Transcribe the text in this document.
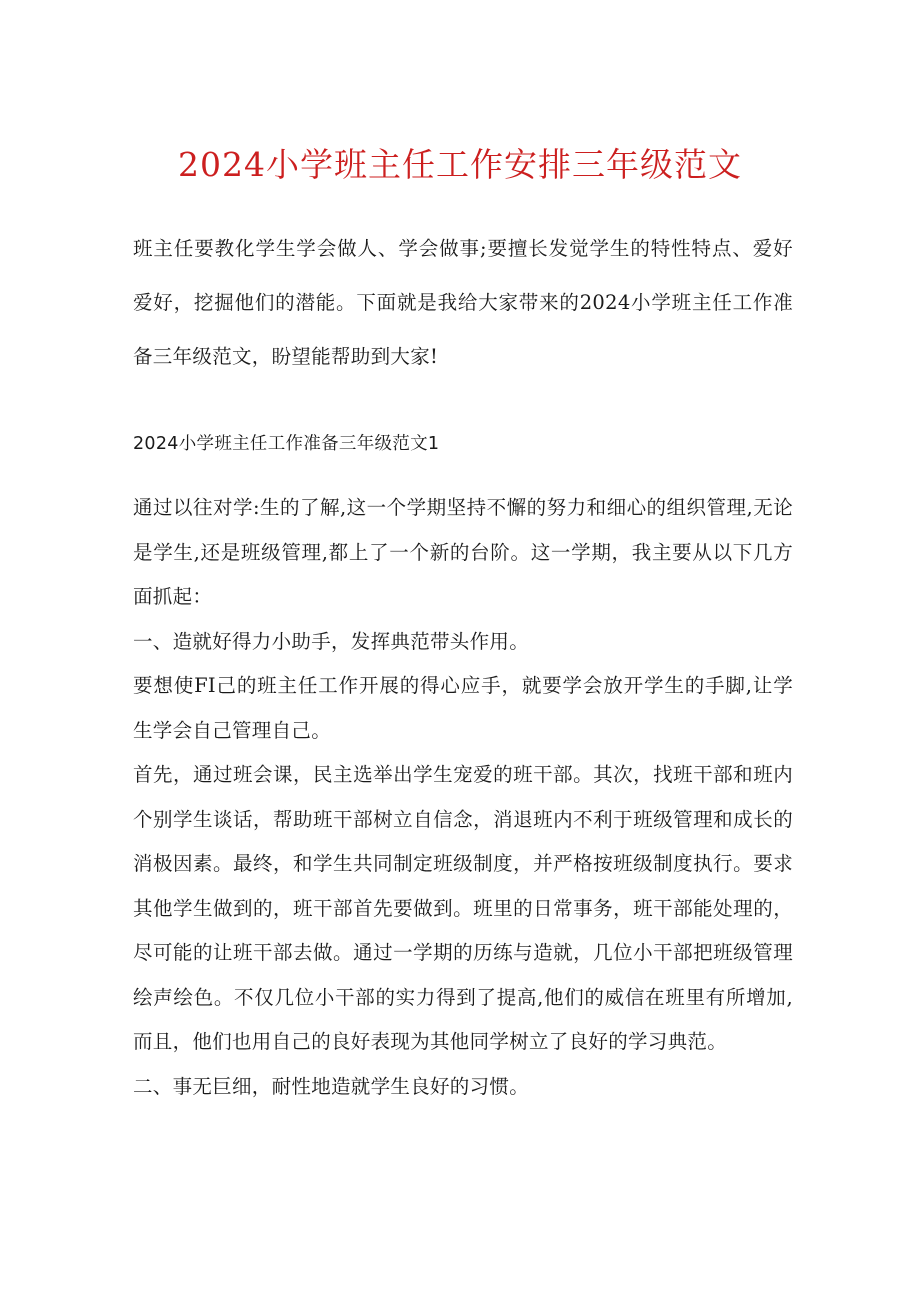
2024小学班主任工作安排三年级范文

班主任要教化学生学会做人、学会做事;要擅长发觉学生的特性特点、爱好爱好，挖掘他们的潜能。下面就是我给大家带来的2024小学班主任工作准备三年级范文，盼望能帮助到大家!

2024小学班主任工作准备三年级范文1

通过以往对学:生的了解,这一个学期坚持不懈的努力和细心的组织管理,无论是学生,还是班级管理,都上了一个新的台阶。这一学期，我主要从以下几方面抓起：
一、造就好得力小助手，发挥典范带头作用。
要想使FI己的班主任工作开展的得心应手，就要学会放开学生的手脚,让学生学会自己管理自己。
首先，通过班会课，民主选举出学生宠爱的班干部。其次，找班干部和班内个别学生谈话，帮助班干部树立自信念，消退班内不利于班级管理和成长的消极因素。最终，和学生共同制定班级制度，并严格按班级制度执行。要求其他学生做到的，班干部首先要做到。班里的日常事务，班干部能处理的，尽可能的让班干部去做。通过一学期的历练与造就，几位小干部把班级管理绘声绘色。不仅几位小干部的实力得到了提高,他们的威信在班里有所增加,而且，他们也用自己的良好表现为其他同学树立了良好的学习典范。
二、事无巨细，耐性地造就学生良好的习惯。
